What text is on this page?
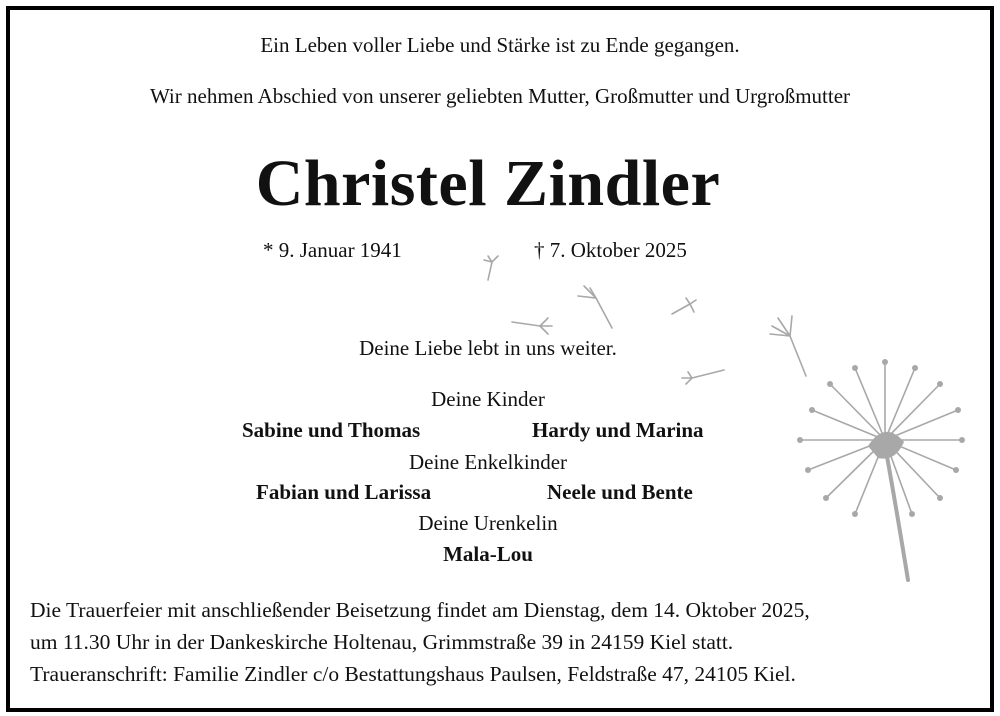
Ein Leben voller Liebe und Stärke ist zu Ende gegangen.
Wir nehmen Abschied von unserer geliebten Mutter, Großmutter und Urgroßmutter
Christel Zindler
* 9. Januar 1941	† 7. Oktober 2025
Deine Liebe lebt in uns weiter.
Deine Kinder
Sabine und Thomas	Hardy und Marina
Deine Enkelkinder
Fabian und Larissa	Neele und Bente
Deine Urenkelin
Mala-Lou
Die Trauerfeier mit anschließender Beisetzung findet am Dienstag, dem 14. Oktober 2025,
um 11.30 Uhr in der Dankeskirche Holtenau, Grimmstraße 39 in 24159 Kiel statt.
Traueranschrift: Familie Zindler c/o Bestattungshaus Paulsen, Feldstraße 47, 24105 Kiel.
